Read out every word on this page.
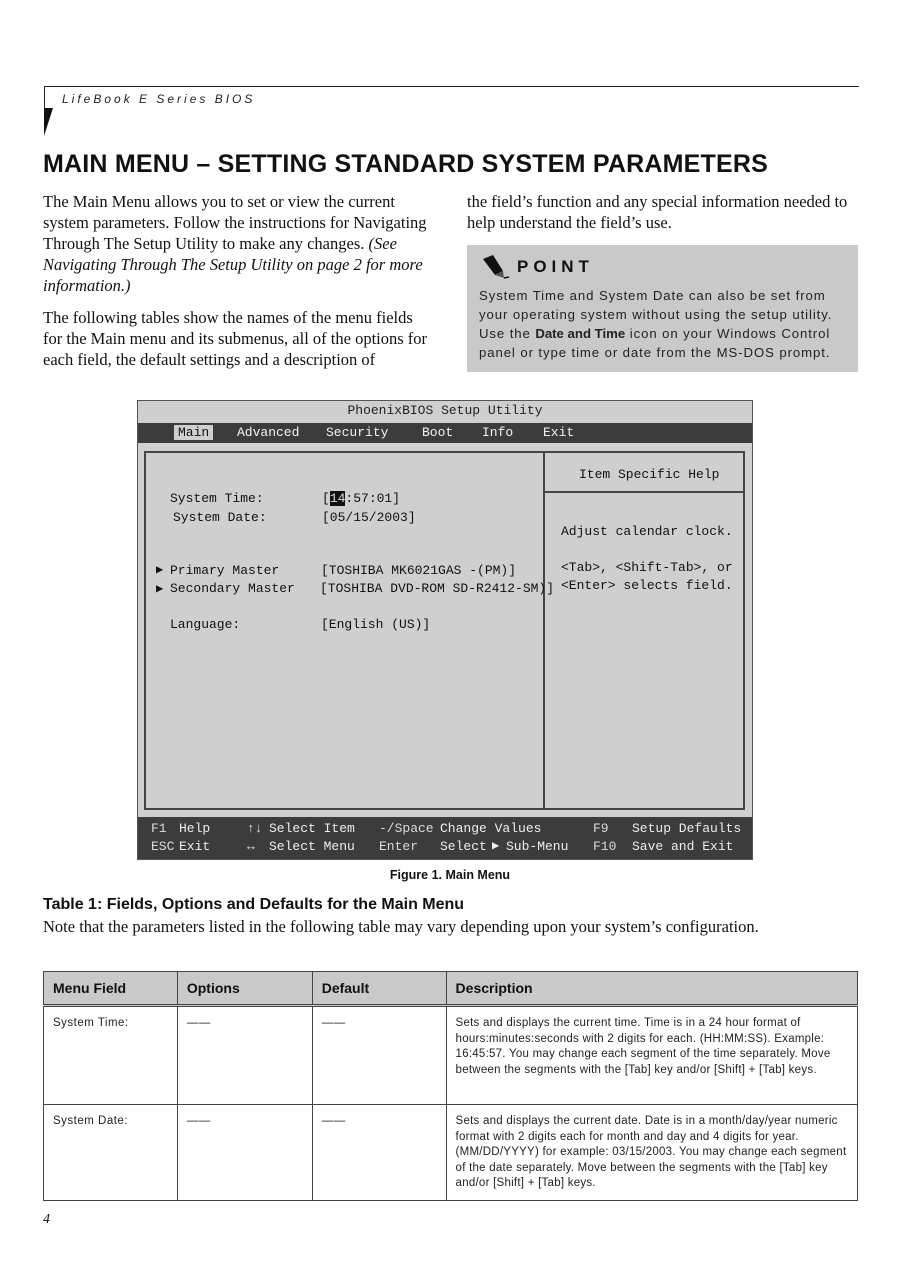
LifeBook E Series BIOS
MAIN MENU – SETTING STANDARD SYSTEM PARAMETERS

The Main Menu allows you to set or view the current system parameters. Follow the instructions for Navigating Through The Setup Utility to make any changes. (See Navigating Through The Setup Utility on page 2 for more information.)

The following tables show the names of the menu fields for the Main menu and its submenus, all of the options for each field, the default settings and a description of

the field’s function and any special information needed to help understand the field’s use.

POINT
System Time and System Date can also be set from your operating system without using the setup utility. Use the Date and Time icon on your Windows Control panel or type time or date from the MS-DOS prompt.
PhoenixBIOS Setup Utility
Main	Advanced Security	Boot Info Exit
System Time:	[14:57:01]
System Date:	[05/15/2003]
▶ Primary Master	[TOSHIBA MK6021GAS -(PM)]
▶ Secondary Master [TOSHIBA DVD-ROM SD-R2412-SM)]
Language:	[English (US)]
Item Specific Help
Adjust calendar clock.
<Tab>, <Shift-Tab>, or
<Enter> selects field.
F1 Help	↑↓ Select Item -/Space Change Values	F9 Setup Defaults
ESC Exit	↔ Select Menu Enter Select ▶ Sub-Menu F10 Save and Exit
Figure 1. Main Menu
Table 1: Fields, Options and Defaults for the Main Menu
Note that the parameters listed in the following table may vary depending upon your system’s configuration.
Menu Field	Options	Default	Description
System Time:	——	——	Sets and displays the current time. Time is in a 24 hour format of hours:minutes:seconds with 2 digits for each. (HH:MM:SS). Example: 16:45:57. You may change each segment of the time separately. Move between the segments with the [Tab] key and/or [Shift] + [Tab] keys.
System Date:	——	——	Sets and displays the current date. Date is in a month/day/year numeric format with 2 digits each for month and day and 4 digits for year. (MM/DD/YYYY) for example: 03/15/2003. You may change each segment of the date separately. Move between the segments with the [Tab] key and/or [Shift] + [Tab] keys.
4
